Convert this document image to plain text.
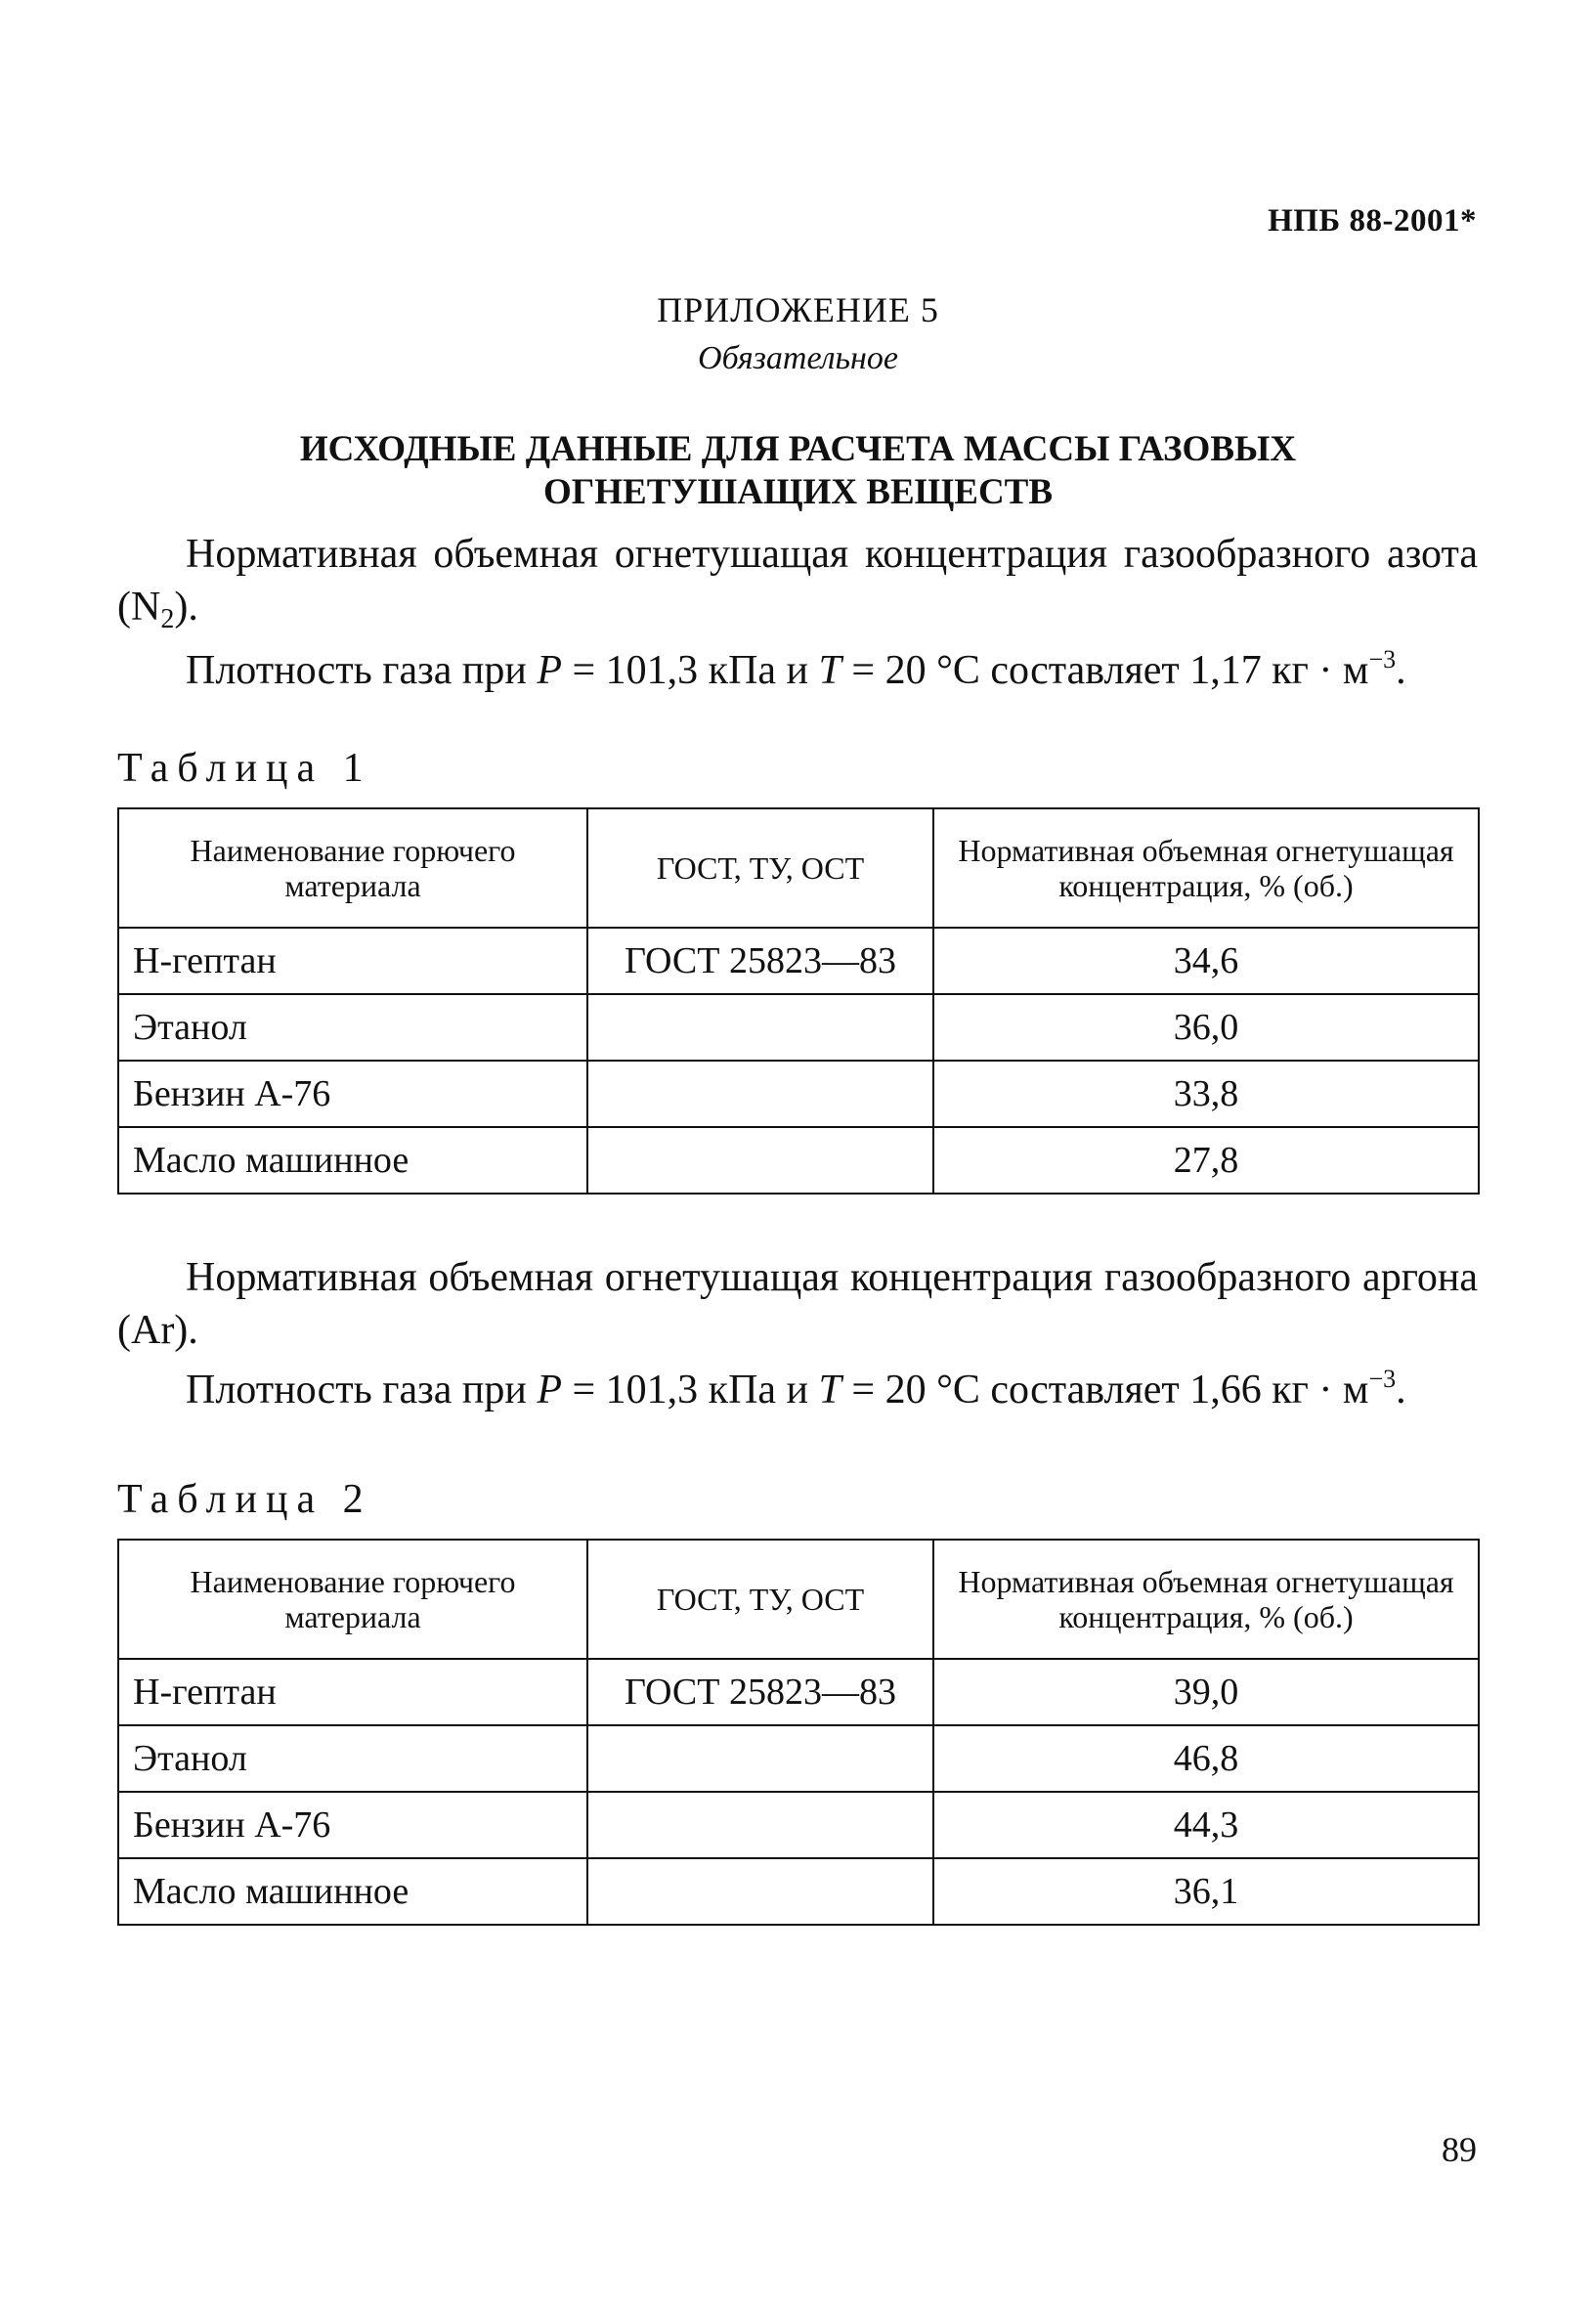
НПБ 88-2001*
ПРИЛОЖЕНИЕ 5
Обязательное
ИСХОДНЫЕ ДАННЫЕ ДЛЯ РАСЧЕТА МАССЫ ГАЗОВЫХ
ОГНЕТУШАЩИХ ВЕЩЕСТВ

Нормативная объемная огнетушащая концентрация газообразного азота $(N_2)$.

Плотность газа при P = 101,3 кПа и T = 20 °С составляет 1,17 кг · $м^{-3}$.

Таблица 1
Наименование горючего материала	ГОСТ, ТУ, ОСТ	Нормативная объемная огнетушащая концентрация, % (об.)
Н-гептан	ГОСТ 25823—83	34,6
Этанол		36,0
Бензин А-76		33,8
Масло машинное		27,8

Нормативная объемная огнетушащая концентрация газообразного аргона (Ar).

Плотность газа при P = 101,3 кПа и T = 20 °С составляет 1,66 кг · $м^{-3}$.

Таблица 2
Наименование горючего материала	ГОСТ, ТУ, ОСТ	Нормативная объемная огнетушащая концентрация, % (об.)
Н-гептан	ГОСТ 25823—83	39,0
Этанол		46,8
Бензин А-76		44,3
Масло машинное		36,1
89
